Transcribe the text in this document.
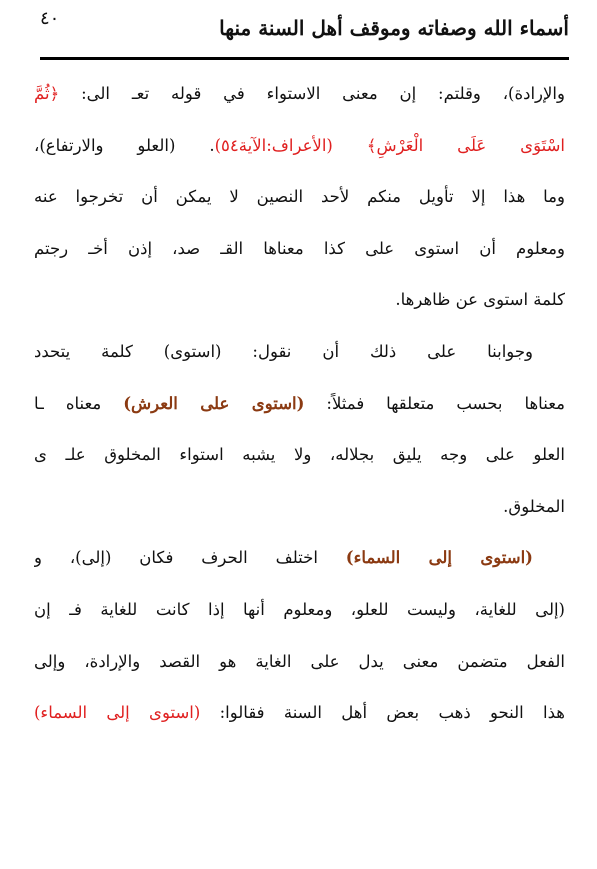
أسماء الله وصفاته وموقف أهل السنة منها
٤٠
والإرادة)، وقلتم: إن معنى الاستواء في قوله تعـ الى: ﴿ثُمَّ
اسْتَوَى عَلَى الْعَرْشِ﴾ (الأعراف:الآية٥٤). (العلو والارتفاع)،
وما هذا إلا تأويل منكم لأحد النصين لا يمكن أن تخرجوا عنه
ومعلوم أن استوى على كذا معناها القـ صد، إذن أخـ رجتم
كلمة استوى عن ظاهرها.
وجوابنا على ذلك أن نقول: (استوى) كلمة يتحدد
معناها بحسب متعلقها فمثلاً: (استوى على العرش) معناه ـا
العلو على وجه يليق بجلاله، ولا يشبه استواء المخلوق علـ ى
المخلوق.
(استوى إلى السماء) اختلف الحرف فكان (إلى)، و
(إلى للغاية، وليست للعلو، ومعلوم أنها إذا كانت للغاية فـ إن
الفعل متضمن معنى يدل على الغاية هو القصد والإرادة، وإلى
هذا النحو ذهب بعض أهل السنة فقالوا: (استوى إلى السماء)
